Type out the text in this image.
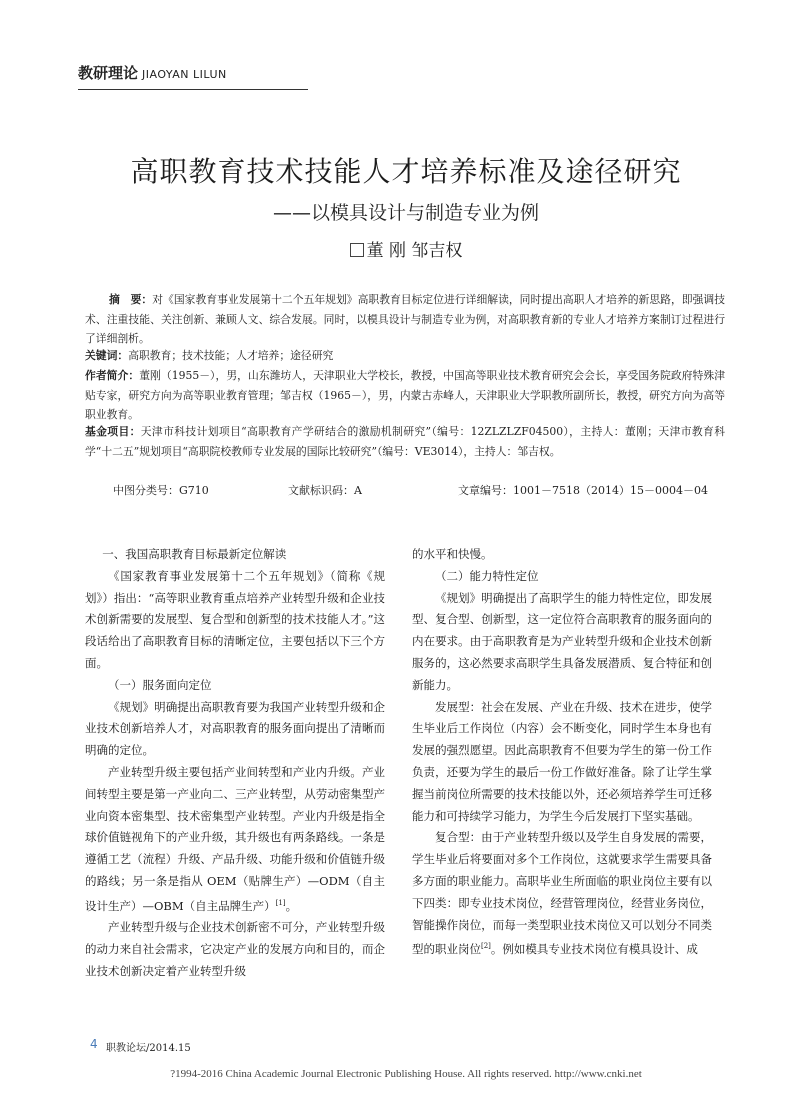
教研理论 JIAOYAN LILUN
高职教育技术技能人才培养标准及途径研究
——以模具设计与制造专业为例
董 刚 邹吉权
摘　要：对《国家教育事业发展第十二个五年规划》高职教育目标定位进行详细解读，同时提出高职人才培养的新思路，即强调技术、注重技能、关注创新、兼顾人文、综合发展。同时，以模具设计与制造专业为例，对高职教育新的专业人才培养方案制订过程进行了详细剖析。
关键词：高职教育；技术技能；人才培养；途径研究
作者简介：董刚（1955－），男，山东潍坊人，天津职业大学校长，教授，中国高等职业技术教育研究会会长，享受国务院政府特殊津贴专家，研究方向为高等职业教育管理；邹吉权（1965－），男，内蒙古赤峰人，天津职业大学职教所副所长，教授，研究方向为高等职业教育。
基金项目：天津市科技计划项目“高职教育产学研结合的激励机制研究”（编号：12ZLZLZF04500），主持人：董刚；天津市教育科学“十二五”规划项目“高职院校教师专业发展的国际比较研究”（编号：VE3014），主持人：邹吉权。
中图分类号：G710	文献标识码：A	文章编号：1001－7518（2014）15－0004－04

一、我国高职教育目标最新定位解读

《国家教育事业发展第十二个五年规划》（简称《规划》）指出：“高等职业教育重点培养产业转型升级和企业技术创新需要的发展型、复合型和创新型的技术技能人才。”这段话给出了高职教育目标的清晰定位，主要包括以下三个方面。

（一）服务面向定位

《规划》明确提出高职教育要为我国产业转型升级和企业技术创新培养人才，对高职教育的服务面向提出了清晰而明确的定位。

产业转型升级主要包括产业间转型和产业内升级。产业间转型主要是第一产业向二、三产业转型，从劳动密集型产业向资本密集型、技术密集型产业转型。产业内升级是指全球价值链视角下的产业升级，其升级也有两条路线。一条是遵循工艺（流程）升级、产品升级、功能升级和价值链升级的路线；另一条是指从 OEM（贴牌生产）—ODM（自主设计生产）—OBM（自主品牌生产）[1]。

产业转型升级与企业技术创新密不可分，产业转型升级的动力来自社会需求，它决定产业的发展方向和目的，而企业技术创新决定着产业转型升级

的水平和快慢。

（二）能力特性定位

《规划》明确提出了高职学生的能力特性定位，即发展型、复合型、创新型，这一定位符合高职教育的服务面向的内在要求。由于高职教育是为产业转型升级和企业技术创新服务的，这必然要求高职学生具备发展潜质、复合特征和创新能力。

发展型：社会在发展、产业在升级、技术在进步，使学生毕业后工作岗位（内容）会不断变化，同时学生本身也有发展的强烈愿望。因此高职教育不但要为学生的第一份工作负责，还要为学生的最后一份工作做好准备。除了让学生掌握当前岗位所需要的技术技能以外，还必须培养学生可迁移能力和可持续学习能力，为学生今后发展打下坚实基础。

复合型：由于产业转型升级以及学生自身发展的需要，学生毕业后将要面对多个工作岗位，这就要求学生需要具备多方面的职业能力。高职毕业生所面临的职业岗位主要有以下四类：即专业技术岗位，经营管理岗位，经营业务岗位，智能操作岗位，而每一类型职业技术岗位又可以划分不同类型的职业岗位[2]。例如模具专业技术岗位有模具设计、成

4 职教论坛/2014.15
?1994-2016 China Academic Journal Electronic Publishing House. All rights reserved. http://www.cnki.net
